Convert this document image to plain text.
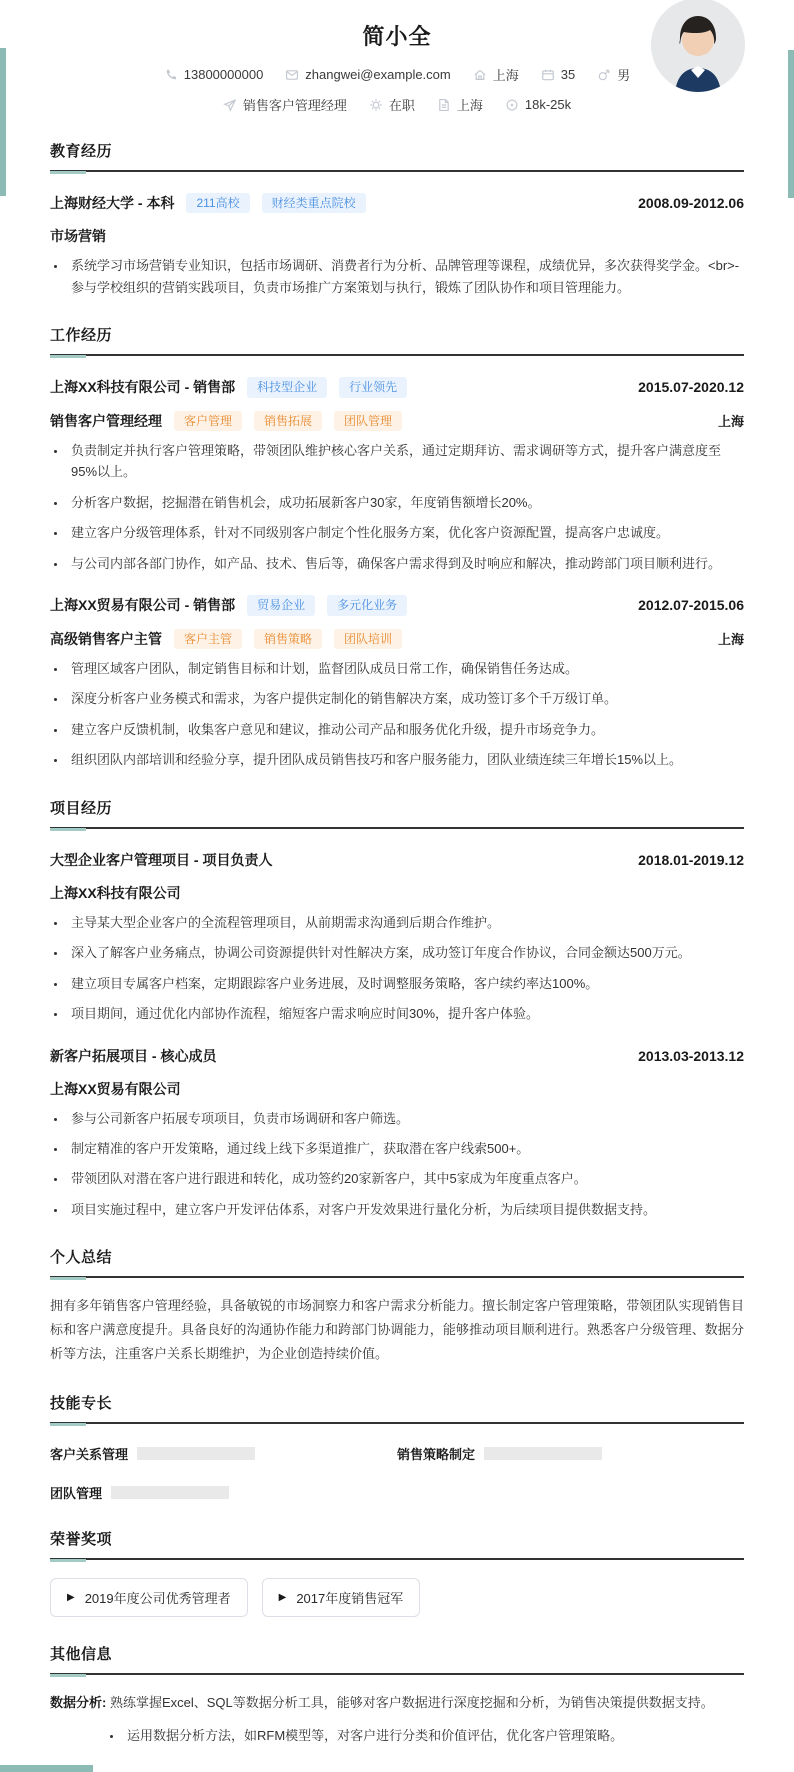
简小全
13800000000	zhangwei@example.com	上海	35	男
销售客户管理经理	在职	上海	18k-25k
教育经历
上海财经大学 - 本科	211高校	财经类重点院校	2008.09-2012.06
市场营销
• 系统学习市场营销专业知识，包括市场调研、消费者行为分析、品牌管理等课程，成绩优异，多次获得奖学金。<br>- 参与学校组织的营销实践项目，负责市场推广方案策划与执行，锻炼了团队协作和项目管理能力。
工作经历
上海XX科技有限公司 - 销售部	科技型企业	行业领先	2015.07-2020.12
销售客户管理经理	客户管理	销售拓展	团队管理	上海
• 负责制定并执行客户管理策略，带领团队维护核心客户关系，通过定期拜访、需求调研等方式，提升客户满意度至95%以上。
• 分析客户数据，挖掘潜在销售机会，成功拓展新客户30家，年度销售额增长20%。
• 建立客户分级管理体系，针对不同级别客户制定个性化服务方案，优化客户资源配置，提高客户忠诚度。
• 与公司内部各部门协作，如产品、技术、售后等，确保客户需求得到及时响应和解决，推动跨部门项目顺利进行。
上海XX贸易有限公司 - 销售部	贸易企业	多元化业务	2012.07-2015.06
高级销售客户主管	客户主管	销售策略	团队培训	上海
• 管理区域客户团队，制定销售目标和计划，监督团队成员日常工作，确保销售任务达成。
• 深度分析客户业务模式和需求，为客户提供定制化的销售解决方案，成功签订多个千万级订单。
• 建立客户反馈机制，收集客户意见和建议，推动公司产品和服务优化升级，提升市场竞争力。
• 组织团队内部培训和经验分享，提升团队成员销售技巧和客户服务能力，团队业绩连续三年增长15%以上。
项目经历
大型企业客户管理项目 - 项目负责人	2018.01-2019.12
上海XX科技有限公司
• 主导某大型企业客户的全流程管理项目，从前期需求沟通到后期合作维护。
• 深入了解客户业务痛点，协调公司资源提供针对性解决方案，成功签订年度合作协议，合同金额达500万元。
• 建立项目专属客户档案，定期跟踪客户业务进展，及时调整服务策略，客户续约率达100%。
• 项目期间，通过优化内部协作流程，缩短客户需求响应时间30%，提升客户体验。
新客户拓展项目 - 核心成员	2013.03-2013.12
上海XX贸易有限公司
• 参与公司新客户拓展专项项目，负责市场调研和客户筛选。
• 制定精准的客户开发策略，通过线上线下多渠道推广，获取潜在客户线索500+。
• 带领团队对潜在客户进行跟进和转化，成功签约20家新客户，其中5家成为年度重点客户。
• 项目实施过程中，建立客户开发评估体系，对客户开发效果进行量化分析，为后续项目提供数据支持。
个人总结
拥有多年销售客户管理经验，具备敏锐的市场洞察力和客户需求分析能力。擅长制定客户管理策略，带领团队实现销售目标和客户满意度提升。具备良好的沟通协作能力和跨部门协调能力，能够推动项目顺利进行。熟悉客户分级管理、数据分析等方法，注重客户关系长期维护，为企业创造持续价值。
技能专长
客户关系管理	销售策略制定
团队管理
荣誉奖项
▶ 2019年度公司优秀管理者	▶ 2017年度销售冠军
其他信息
数据分析: 熟练掌握Excel、SQL等数据分析工具，能够对客户数据进行深度挖掘和分析，为销售决策提供数据支持。
• 运用数据分析方法，如RFM模型等，对客户进行分类和价值评估，优化客户管理策略。
